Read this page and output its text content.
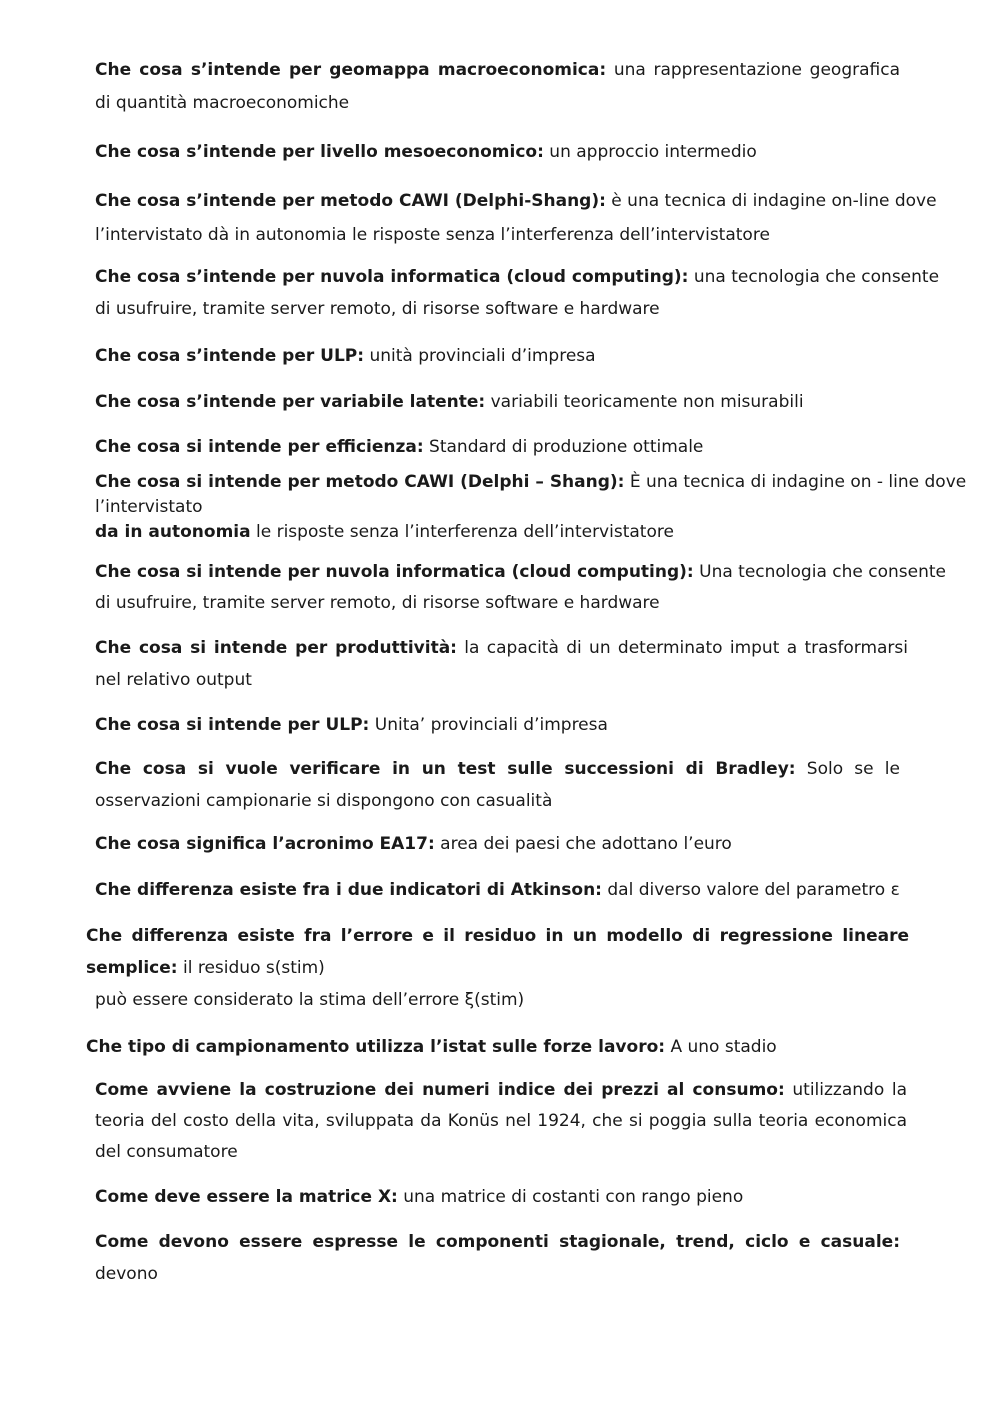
Che cosa s’intende per geomappa macroeconomica: una rappresentazione geografica di quantità macroeconomiche

Che cosa s’intende per livello mesoeconomico: un approccio intermedio

Che cosa s’intende per metodo CAWI (Delphi-Shang): è una tecnica di indagine on-line dove
l’intervistato dà in autonomia le risposte senza l’interferenza dell’intervistatore

Che cosa s’intende per nuvola informatica (cloud computing): una tecnologia che consente
di usufruire, tramite server remoto, di risorse software e hardware

Che cosa s’intende per ULP: unità provinciali d’impresa

Che cosa s’intende per variabile latente: variabili teoricamente non misurabili

Che cosa si intende per efficienza: Standard di produzione ottimale

Che cosa si intende per metodo CAWI (Delphi – Shang): È una tecnica di indagine on - line dove
l’intervistato
da in autonomia le risposte senza l’interferenza dell’intervistatore

Che cosa si intende per nuvola informatica (cloud computing): Una tecnologia che consente
di usufruire, tramite server remoto, di risorse software e hardware

Che cosa si intende per produttività: la capacità di un determinato imput a trasformarsi nel relativo output

Che cosa si intende per ULP: Unita’ provinciali d’impresa

Che cosa si vuole verificare in un test sulle successioni di Bradley: Solo se le osservazioni campionarie si dispongono con casualità

Che cosa significa l’acronimo EA17: area dei paesi che adottano l’euro

Che differenza esiste fra i due indicatori di Atkinson: dal diverso valore del parametro ε

Che differenza esiste fra l’errore e il residuo in un modello di regressione lineare semplice: il residuo s(stim)

può essere considerato la stima dell’errore ξ(stim)

Che tipo di campionamento utilizza l’istat sulle forze lavoro: A uno stadio

Come avviene la costruzione dei numeri indice dei prezzi al consumo: utilizzando la teoria del costo della vita, sviluppata da Konüs nel 1924, che si poggia sulla teoria economica del consumatore

Come deve essere la matrice X: una matrice di costanti con rango pieno

Come devono essere espresse le componenti stagionale, trend, ciclo e casuale: devono
